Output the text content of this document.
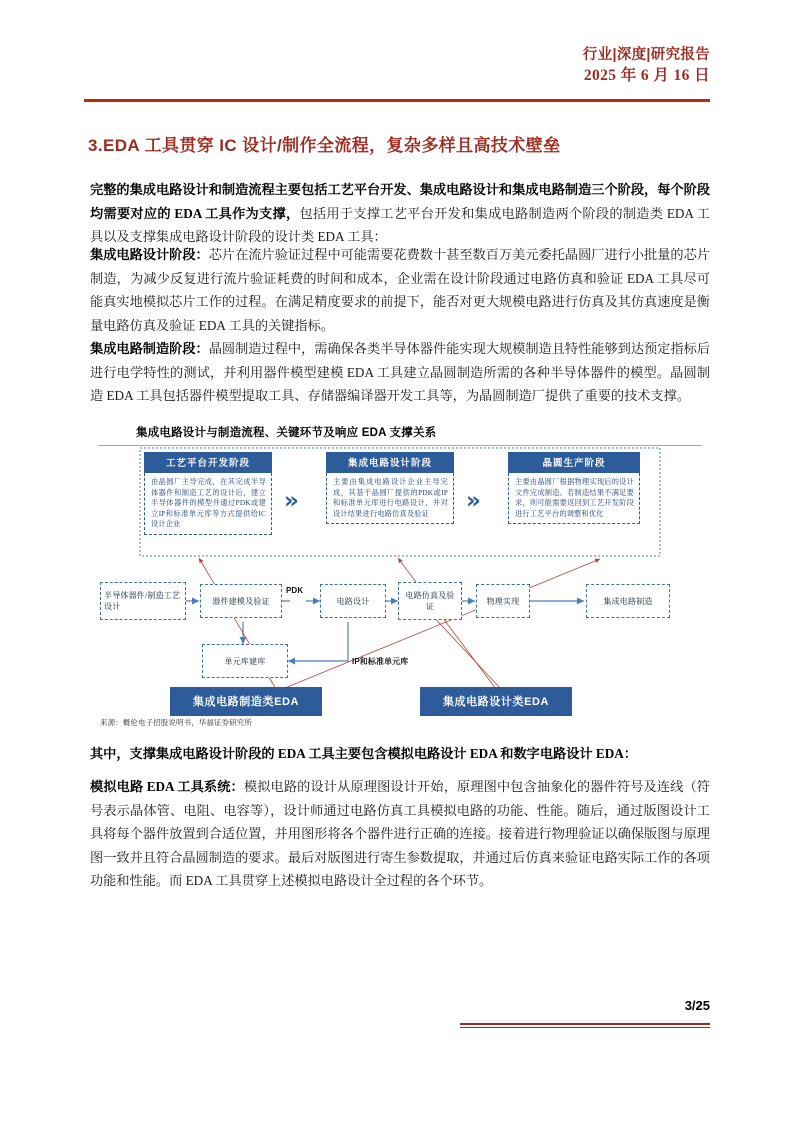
行业|深度|研究报告
2025 年 6 月 16 日
3.EDA 工具贯穿 IC 设计/制作全流程，复杂多样且高技术壁垒
完整的集成电路设计和制造流程主要包括工艺平台开发、集成电路设计和集成电路制造三个阶段，每个阶段均需要对应的 EDA 工具作为支撑，包括用于支撑工艺平台开发和集成电路制造两个阶段的制造类 EDA 工具以及支撑集成电路设计阶段的设计类 EDA 工具：
集成电路设计阶段：芯片在流片验证过程中可能需要花费数十甚至数百万美元委托晶圆厂进行小批量的芯片制造，为减少反复进行流片验证耗费的时间和成本，企业需在设计阶段通过电路仿真和验证 EDA 工具尽可能真实地模拟芯片工作的过程。在满足精度要求的前提下，能否对更大规模电路进行仿真及其仿真速度是衡量电路仿真及验证 EDA 工具的关键指标。
集成电路制造阶段：晶圆制造过程中，需确保各类半导体器件能实现大规模制造且特性能够到达预定指标后进行电学特性的测试，并利用器件模型建模 EDA 工具建立晶圆制造所需的各种半导体器件的模型。晶圆制造 EDA 工具包括器件模型提取工具、存储器编译器开发工具等，为晶圆制造厂提供了重要的技术支撑。
集成电路设计与制造流程、关键环节及响应 EDA 支撑关系
工艺平台开发阶段
由晶圆厂主导完成，在其完成半导体器件和制造工艺的设计后，建立半导体器件的模型并通过PDK或建立IP和标准单元库等方式提供给IC设计企业
»
集成电路设计阶段
主要由集成电路设计企业主导完成，其基于晶圆厂提供的PDK或IP和标准单元库进行电路设计，并对设计结果进行电路仿真及验证	»
晶圆生产阶段
主要由晶圆厂根据物理实现后的设计文件完成制造。若制造结果不满足要求，则可能需要返回到工艺开发阶段进行工艺平台的调整和优化
半导体器件/制造工艺设计
器件建模及验证
PDK
电路设计
电路仿真及验证
物理实现	集成电路制造
单元库建库	IP和标准单元库
集成电路制造类EDA	集成电路设计类EDA
来源：概伦电子招股说明书，华福证券研究所
其中，支撑集成电路设计阶段的 EDA 工具主要包含模拟电路设计 EDA 和数字电路设计 EDA：
模拟电路 EDA 工具系统：模拟电路的设计从原理图设计开始，原理图中包含抽象化的器件符号及连线（符号表示晶体管、电阻、电容等），设计师通过电路仿真工具模拟电路的功能、性能。随后，通过版图设计工具将每个器件放置到合适位置，并用图形将各个器件进行正确的连接。接着进行物理验证以确保版图与原理图一致并且符合晶圆制造的要求。最后对版图进行寄生参数提取，并通过后仿真来验证电路实际工作的各项功能和性能。而 EDA 工具贯穿上述模拟电路设计全过程的各个环节。
3/25
